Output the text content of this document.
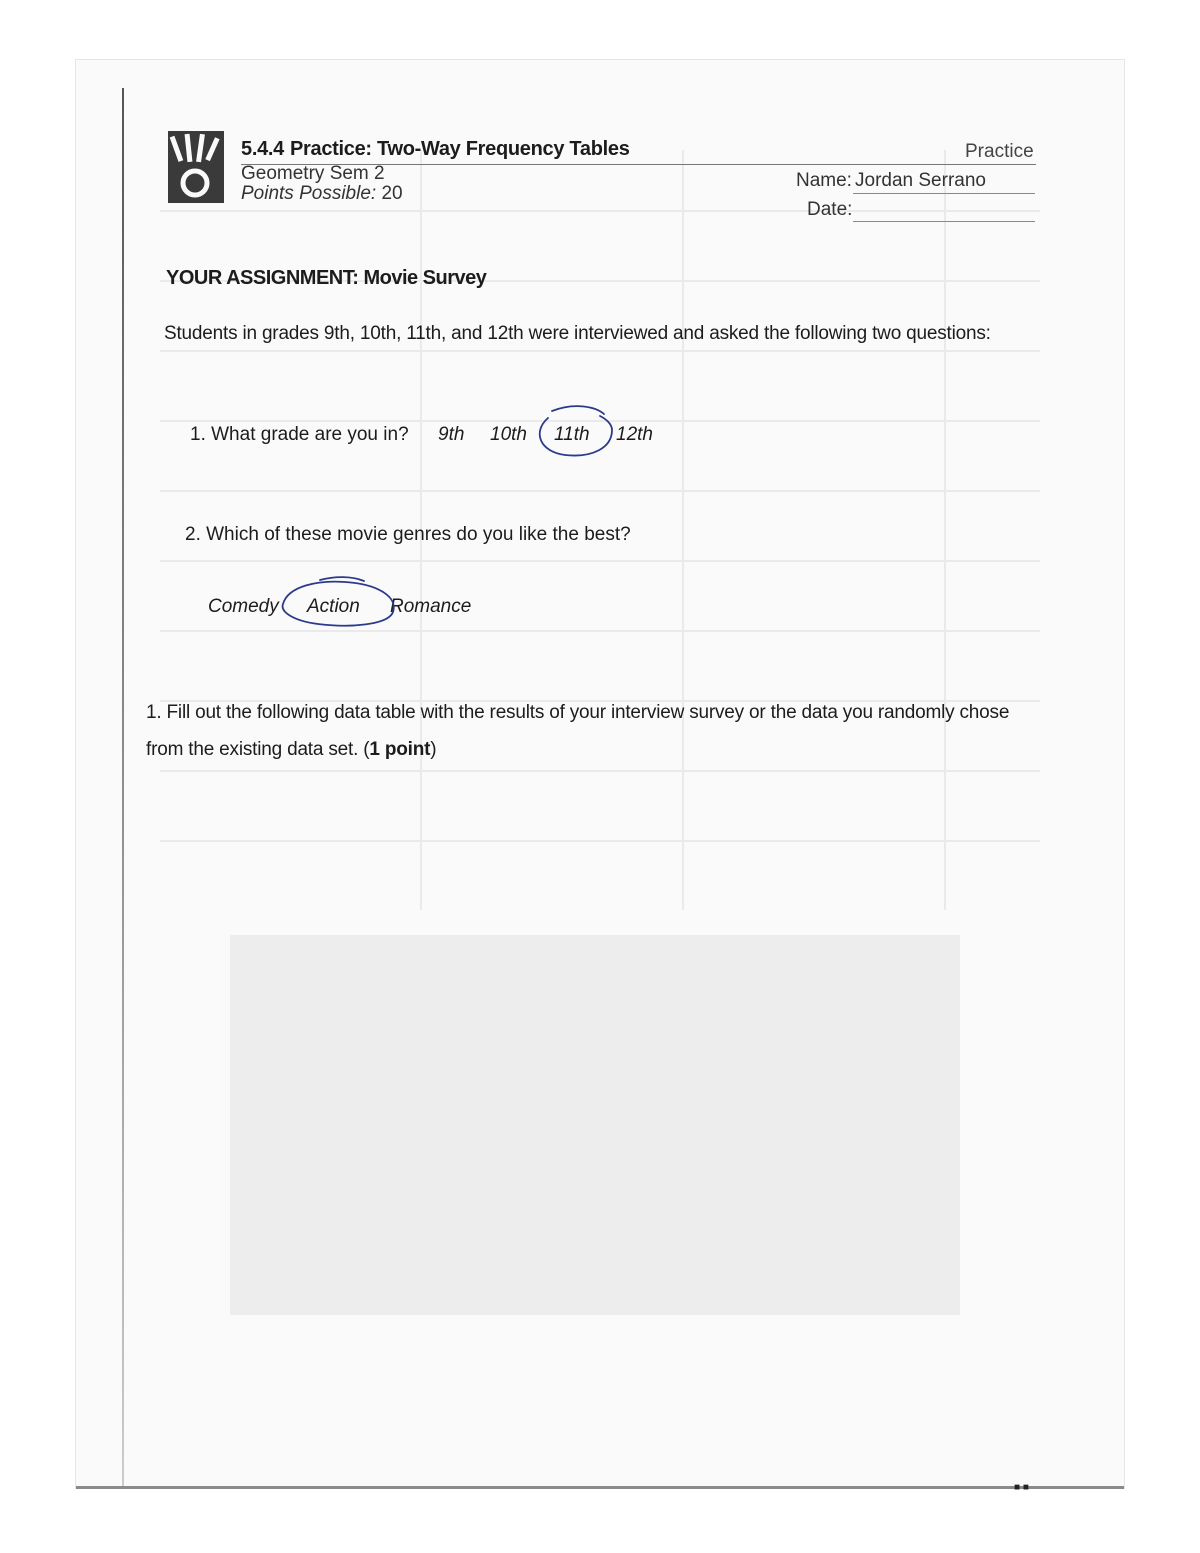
5.4.4 Practice: Two-Way Frequency Tables	Practice
Geometry Sem 2
Points Possible: 20
Name: Jordan Serrano
Date:
YOUR ASSIGNMENT: Movie Survey
Students in grades 9th, 10th, 11th, and 12th were interviewed and asked the following two questions:
1. What grade are you in? 9th 10th 11th 12th
2. Which of these movie genres do you like the best?
Comedy Action Romance
1. Fill out the following data table with the results of your interview survey or the data you randomly chose from the existing data set. (1 point)
■ ■
